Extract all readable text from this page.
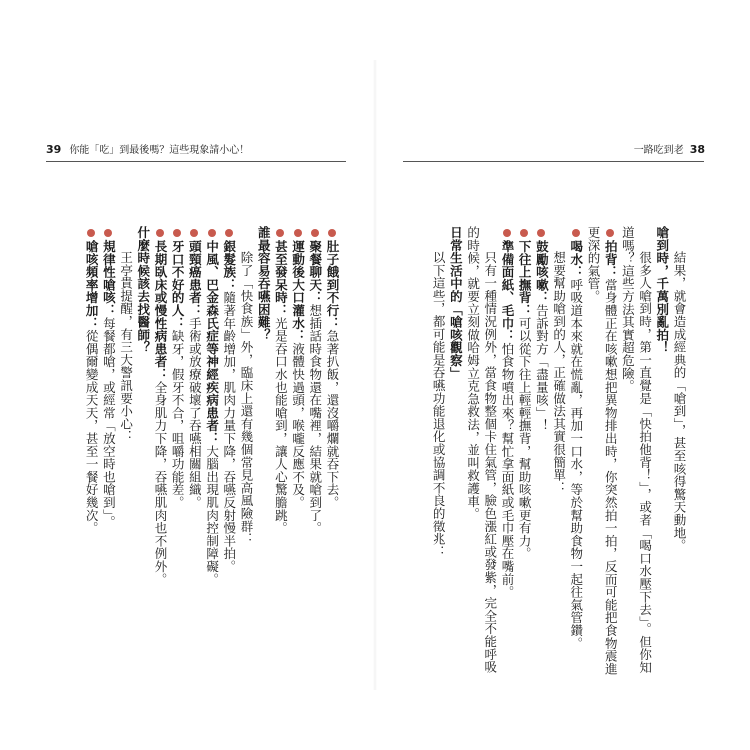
39 你能「吃」到最後嗎？這些現象請小心！

肚子餓到不行：急著扒飯，還沒嚼爛就吞下去。

聚餐聊天：想插話時食物還在嘴裡，結果就嗆到了。

運動後大口灌水：液體快過頭，喉嚨反應不及。

甚至發呆時：光是吞口水也能嗆到，讓人心驚膽跳。

誰最容易吞嚥困難？

除了「快食族」外，臨床上還有幾個常見高風險群：

銀髮族：隨著年齡增加，肌肉力量下降，吞嚥反射慢半拍。

中風、巴金森氏症等神經疾病患者：大腦出現肌肉控制障礙。

頭頸癌患者：手術或放療破壞了吞嚥相關組織。

牙口不好的人：缺牙，假牙不合，咀嚼功能差。

長期臥床或慢性病患者：全身肌力下降，吞嚥肌肉也不例外。

什麼時候該去找醫師？

王亭貴提醒，有三大警訊要小心：

規律性嗆咳：每餐都嗆，或經常「放空時也嗆到」。

嗆咳頻率增加：從偶爾變成天天，甚至一餐好幾次。

一路吃到老 38

結果，就會造成經典的「嗆到」，甚至咳得驚天動地。

嗆到時，千萬別亂拍！

很多人嗆到時，第一直覺是「快拍他背！」，或者「喝口水壓下去」。但你知道嗎？這些方法其實超危險。

拍背：當身體正在咳嗽想把異物排出時，你突然拍一拍，反而可能把食物震進更深的氣管。

喝水：呼吸道本來就在慌亂，再加一口水，等於幫助食物一起往氣管鑽。

想要幫助嗆到的人，正確做法其實很簡單：

鼓勵咳嗽：告訴對方「盡量咳」！

下往上撫背：可以從下往上輕輕撫背，幫助咳嗽更有力。

準備面紙、毛巾：怕食物噴出來？幫忙拿面紙或毛巾壓在嘴前。

只有一種情況例外，當食物整個卡住氣管，臉色漲紅或發紫，完全不能呼吸的時候，就要立刻做哈姆立克急救法，並叫救護車。

日常生活中的「嗆咳觀察」

以下這些，都可能是吞嚥功能退化或協調不良的徵兆：
